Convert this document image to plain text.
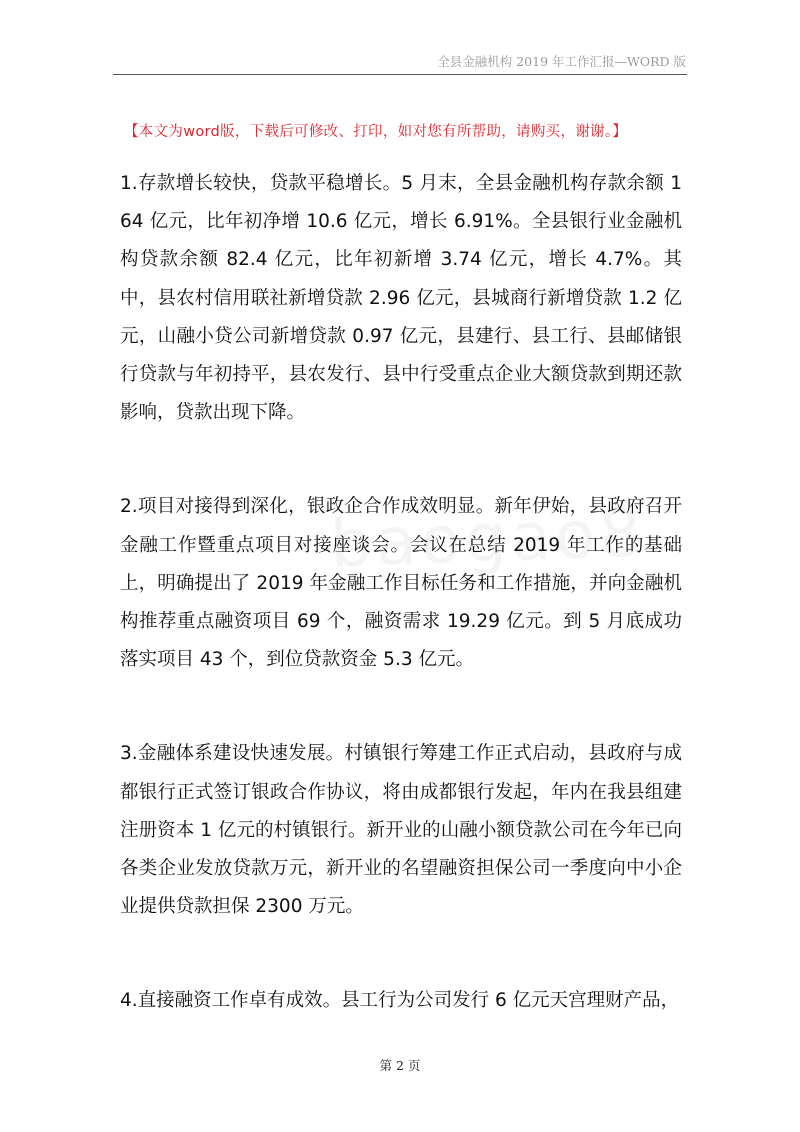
全县金融机构 2019 年工作汇报—WORD 版
【本文为word版，下载后可修改、打印，如对您有所帮助，请购买，谢谢。】

1.存款增长较快，贷款平稳增长。5 月末，全县金融机构存款余额 164 亿元，比年初净增 10.6 亿元，增长 6.91%。全县银行业金融机构贷款余额 82.4 亿元，比年初新增 3.74 亿元，增长 4.7%。其中，县农村信用联社新增贷款 2.96 亿元，县城商行新增贷款 1.2 亿元，山融小贷公司新增贷款 0.97 亿元，县建行、县工行、县邮储银行贷款与年初持平，县农发行、县中行受重点企业大额贷款到期还款影响，贷款出现下降。

2.项目对接得到深化，银政企合作成效明显。新年伊始，县政府召开金融工作暨重点项目对接座谈会。会议在总结 2019 年工作的基础上，明确提出了 2019 年金融工作目标任务和工作措施，并向金融机构推荐重点融资项目 69 个，融资需求 19.29 亿元。到 5 月底成功落实项目 43 个，到位贷款资金 5.3 亿元。

3.金融体系建设快速发展。村镇银行筹建工作正式启动，县政府与成都银行正式签订银政合作协议，将由成都银行发起，年内在我县组建注册资本 1 亿元的村镇银行。新开业的山融小额贷款公司在今年已向各类企业发放贷款万元，新开业的名望融资担保公司一季度向中小企业提供贷款担保 2300 万元。

4.直接融资工作卓有成效。县工行为公司发行 6 亿元天宫理财产品，

第 2 页
